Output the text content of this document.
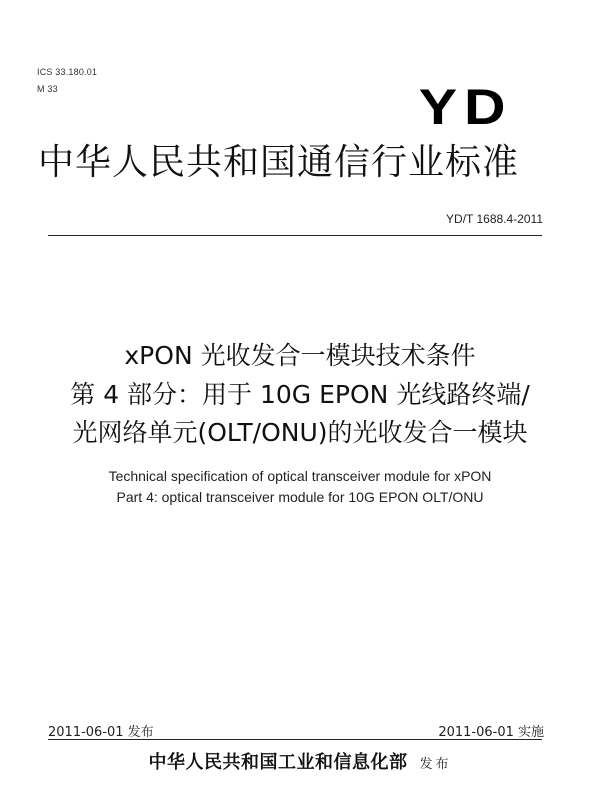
ICS 33.180.01
M 33	YD
中华人民共和国通信行业标准
YD/T 1688.4-2011
xPON 光收发合一模块技术条件
第 4 部分：用于 10G EPON 光线路终端/
光网络单元(OLT/ONU)的光收发合一模块
Technical specification of optical transceiver module for xPON
Part 4: optical transceiver module for 10G EPON OLT/ONU
2011-06-01 发布	2011-06-01 实施
中华人民共和国工业和信息化部 发布
